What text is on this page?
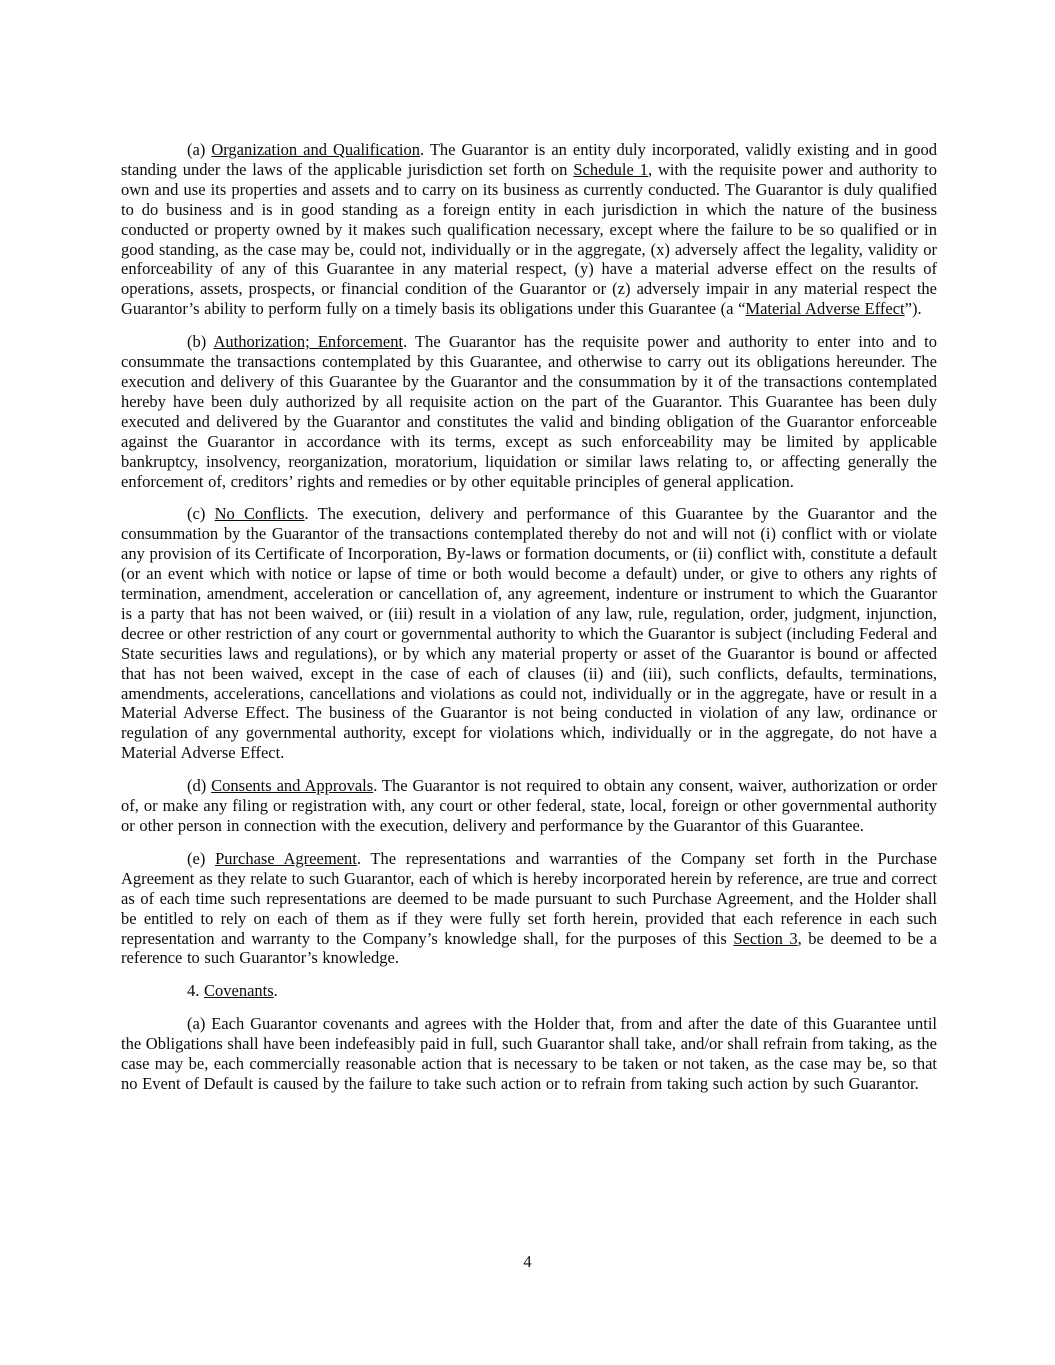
(a) Organization and Qualification. The Guarantor is an entity duly incorporated, validly existing and in good standing under the laws of the applicable jurisdiction set forth on Schedule 1, with the requisite power and authority to own and use its properties and assets and to carry on its business as currently conducted. The Guarantor is duly qualified to do business and is in good standing as a foreign entity in each jurisdiction in which the nature of the business conducted or property owned by it makes such qualification necessary, except where the failure to be so qualified or in good standing, as the case may be, could not, individually or in the aggregate, (x) adversely affect the legality, validity or enforceability of any of this Guarantee in any material respect, (y) have a material adverse effect on the results of operations, assets, prospects, or financial condition of the Guarantor or (z) adversely impair in any material respect the Guarantor’s ability to perform fully on a timely basis its obligations under this Guarantee (a “Material Adverse Effect”).

(b) Authorization; Enforcement. The Guarantor has the requisite power and authority to enter into and to consummate the transactions contemplated by this Guarantee, and otherwise to carry out its obligations hereunder. The execution and delivery of this Guarantee by the Guarantor and the consummation by it of the transactions contemplated hereby have been duly authorized by all requisite action on the part of the Guarantor. This Guarantee has been duly executed and delivered by the Guarantor and constitutes the valid and binding obligation of the Guarantor enforceable against the Guarantor in accordance with its terms, except as such enforceability may be limited by applicable bankruptcy, insolvency, reorganization, moratorium, liquidation or similar laws relating to, or affecting generally the enforcement of, creditors’ rights and remedies or by other equitable principles of general application.

(c) No Conflicts. The execution, delivery and performance of this Guarantee by the Guarantor and the consummation by the Guarantor of the transactions contemplated thereby do not and will not (i) conflict with or violate any provision of its Certificate of Incorporation, By-laws or formation documents, or (ii) conflict with, constitute a default (or an event which with notice or lapse of time or both would become a default) under, or give to others any rights of termination, amendment, acceleration or cancellation of, any agreement, indenture or instrument to which the Guarantor is a party that has not been waived, or (iii) result in a violation of any law, rule, regulation, order, judgment, injunction, decree or other restriction of any court or governmental authority to which the Guarantor is subject (including Federal and State securities laws and regulations), or by which any material property or asset of the Guarantor is bound or affected that has not been waived, except in the case of each of clauses (ii) and (iii), such conflicts, defaults, terminations, amendments, accelerations, cancellations and violations as could not, individually or in the aggregate, have or result in a Material Adverse Effect. The business of the Guarantor is not being conducted in violation of any law, ordinance or regulation of any governmental authority, except for violations which, individually or in the aggregate, do not have a Material Adverse Effect.

(d) Consents and Approvals. The Guarantor is not required to obtain any consent, waiver, authorization or order of, or make any filing or registration with, any court or other federal, state, local, foreign or other governmental authority or other person in connection with the execution, delivery and performance by the Guarantor of this Guarantee.

(e) Purchase Agreement. The representations and warranties of the Company set forth in the Purchase Agreement as they relate to such Guarantor, each of which is hereby incorporated herein by reference, are true and correct as of each time such representations are deemed to be made pursuant to such Purchase Agreement, and the Holder shall be entitled to rely on each of them as if they were fully set forth herein, provided that each reference in each such representation and warranty to the Company’s knowledge shall, for the purposes of this Section 3, be deemed to be a reference to such Guarantor’s knowledge.

4. Covenants.

(a) Each Guarantor covenants and agrees with the Holder that, from and after the date of this Guarantee until the Obligations shall have been indefeasibly paid in full, such Guarantor shall take, and/or shall refrain from taking, as the case may be, each commercially reasonable action that is necessary to be taken or not taken, as the case may be, so that no Event of Default is caused by the failure to take such action or to refrain from taking such action by such Guarantor.

4
